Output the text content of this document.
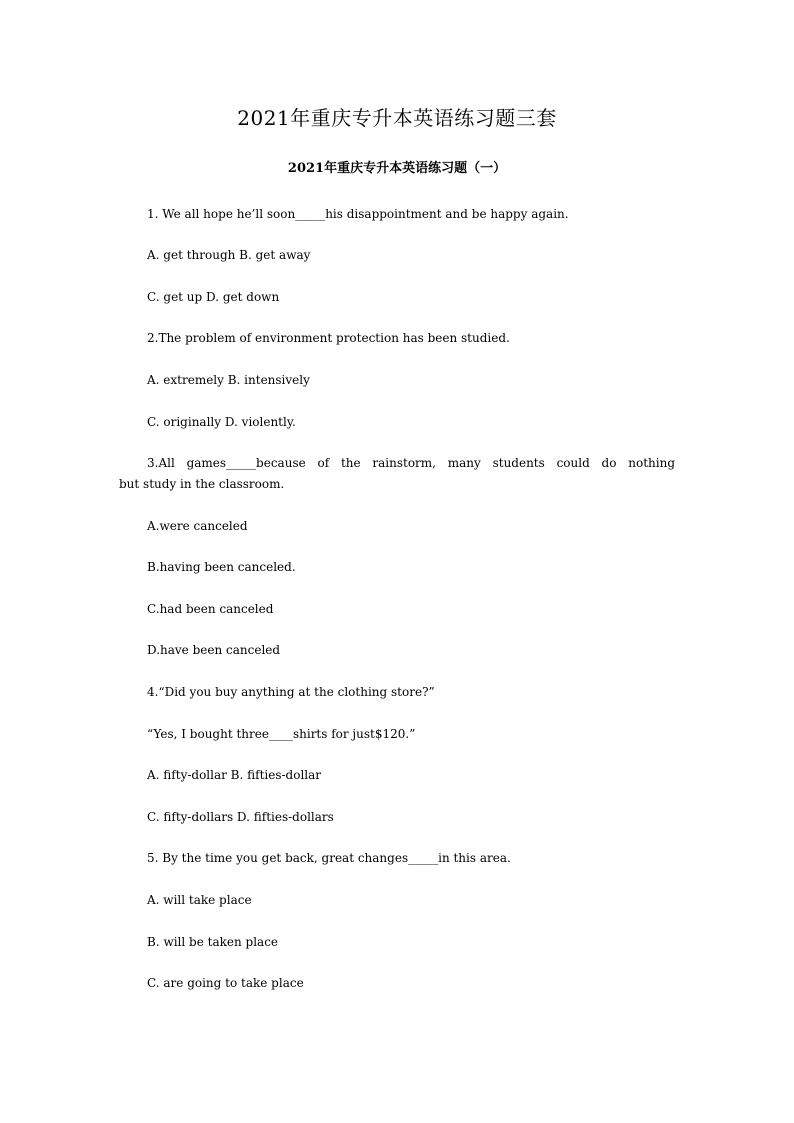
2021年重庆专升本英语练习题三套
2021年重庆专升本英语练习题（一）
1. We all hope he’ll soon_____his disappointment and be happy again.
A. get through B. get away
C. get up D. get down
2.The problem of environment protection has been studied.
A. extremely B. intensively
C. originally D. violently.
3.All games_____because of the rainstorm, many students could do nothing
but study in the classroom.
A.were canceled
B.having been canceled.
C.had been canceled
D.have been canceled
4.“Did you buy anything at the clothing store?”
“Yes, I bought three____shirts for just$120.”
A. fifty-dollar B. fifties-dollar
C. fifty-dollars D. fifties-dollars
5. By the time you get back, great changes_____in this area.
A. will take place
B. will be taken place
C. are going to take place
